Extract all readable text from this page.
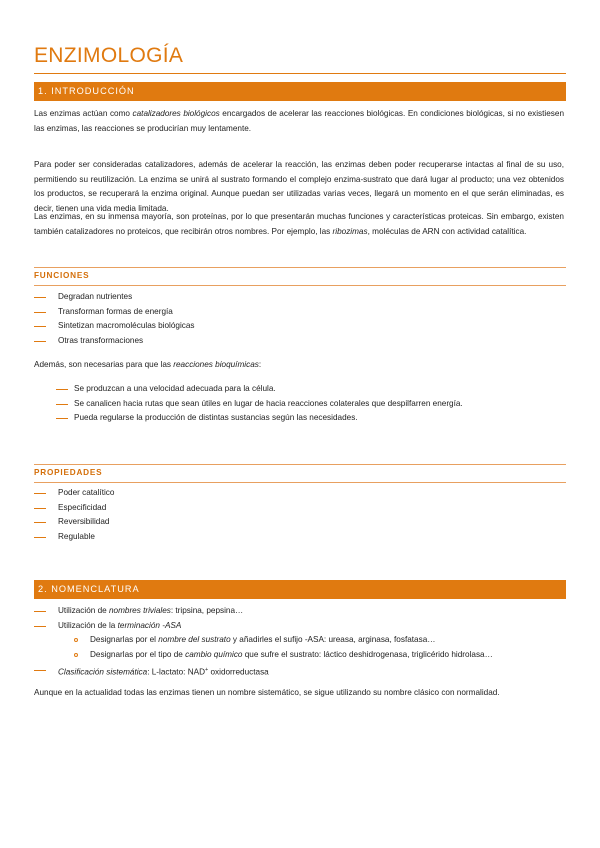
ENZIMOLOGÍA
1. INTRODUCCIÓN

Las enzimas actúan como catalizadores biológicos encargados de acelerar las reacciones biológicas. En condiciones biológicas, si no existiesen las enzimas, las reacciones se producirían muy lentamente.

Para poder ser consideradas catalizadores, además de acelerar la reacción, las enzimas deben poder recuperarse intactas al final de su uso, permitiendo su reutilización. La enzima se unirá al sustrato formando el complejo enzima-sustrato que dará lugar al producto; una vez obtenidos los productos, se recuperará la enzima original. Aunque puedan ser utilizadas varias veces, llegará un momento en el que serán eliminadas, es decir, tienen una vida media limitada.

Las enzimas, en su inmensa mayoría, son proteínas, por lo que presentarán muchas funciones y características proteicas. Sin embargo, existen también catalizadores no proteicos, que recibirán otros nombres. Por ejemplo, las ribozimas, moléculas de ARN con actividad catalítica.

FUNCIONES
Degradan nutrientes
Transforman formas de energía
Sintetizan macromoléculas biológicas
Otras transformaciones

Además, son necesarias para que las reacciones bioquímicas:

Se produzcan a una velocidad adecuada para la célula.
Se canalicen hacia rutas que sean útiles en lugar de hacia reacciones colaterales que despilfarren energía.
Pueda regularse la producción de distintas sustancias según las necesidades.
PROPIEDADES
Poder catalítico
Especificidad
Reversibilidad
Regulable
2. NOMENCLATURA
Utilización de nombres triviales: tripsina, pepsina…
Utilización de la terminación -ASA
Designarlas por el nombre del sustrato y añadirles el sufijo -ASA: ureasa, arginasa, fosfatasa…
Designarlas por el tipo de cambio químico que sufre el sustrato: láctico deshidrogenasa, triglicérido hidrolasa…
Clasificación sistemática: L-lactato: NAD+ oxidorreductasa

Aunque en la actualidad todas las enzimas tienen un nombre sistemático, se sigue utilizando su nombre clásico con normalidad.
